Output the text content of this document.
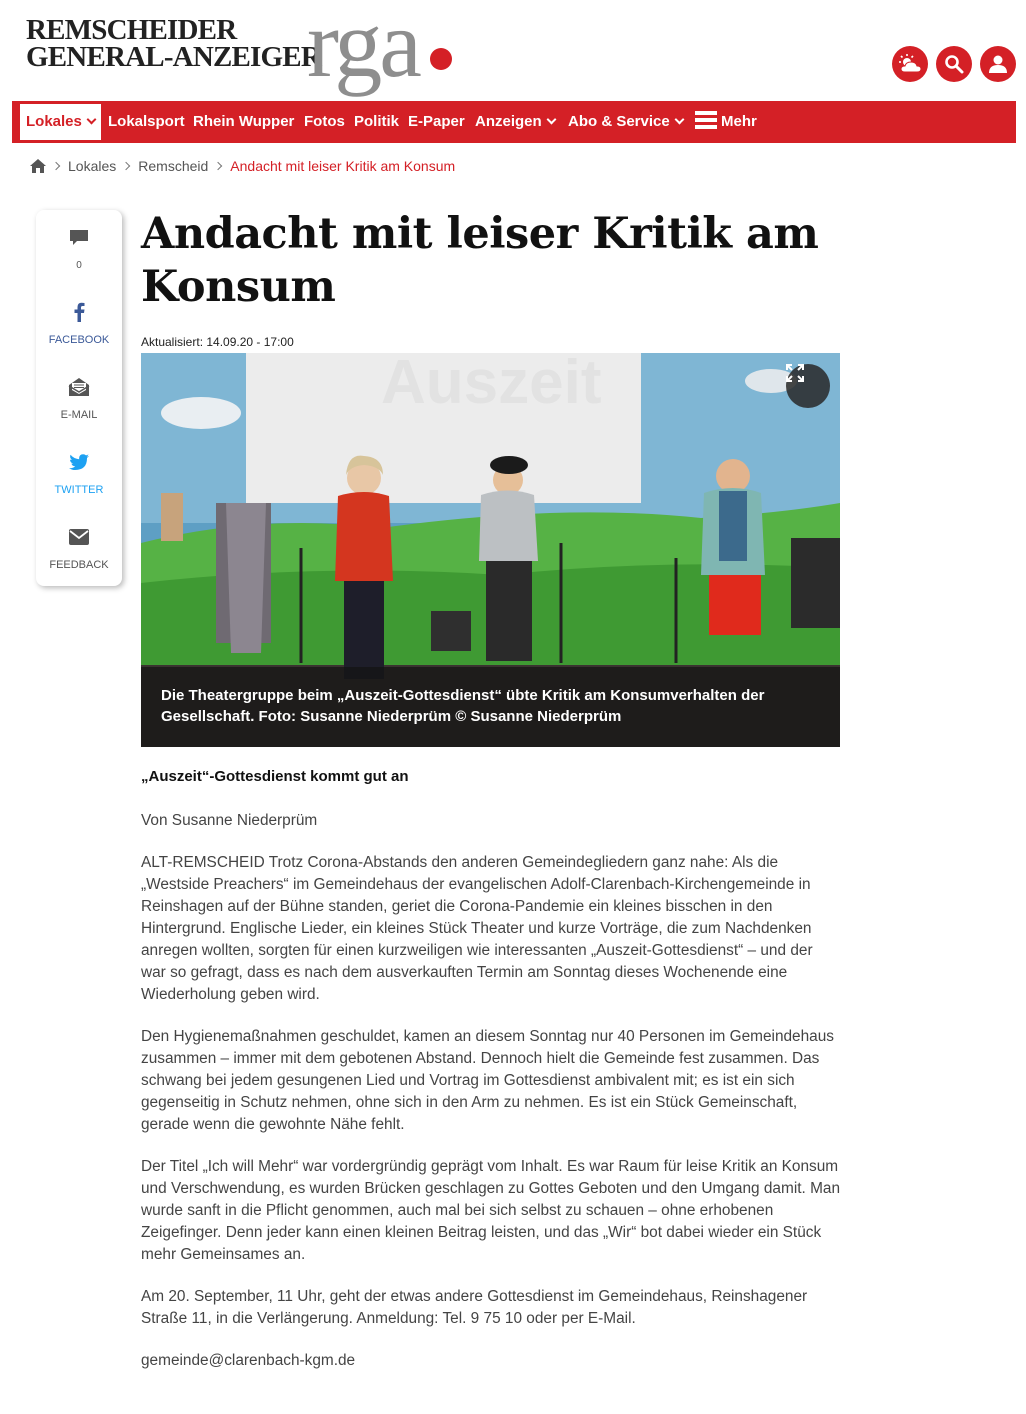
REMSCHEIDER
GENERAL-ANZEIGER
rga
Lokales	Lokalsport Rhein Wupper Fotos Politik E-Paper Anzeigen	Abo & Service	Mehr
Lokales Remscheid Andacht mit leiser Kritik am Konsum
0
FACEBOOK
E-MAIL
TWITTER
FEEDBACK
Andacht mit leiser Kritik am Konsum
Aktualisiert: 14.09.20 - 17:00
Auszeit
Die Theatergruppe beim „Auszeit-Gottesdienst“ übte Kritik am Konsumverhalten der Gesellschaft. Foto: Susanne Niederprüm © Susanne Niederprüm
„Auszeit“-Gottesdienst kommt gut an

Von Susanne Niederprüm

ALT-REMSCHEID Trotz Corona-Abstands den anderen Gemeindegliedern ganz nahe: Als die „Westside Preachers“ im Gemeindehaus der evangelischen Adolf-Clarenbach-Kirchengemeinde in Reinshagen auf der Bühne standen, geriet die Corona-Pandemie ein kleines bisschen in den Hintergrund. Englische Lieder, ein kleines Stück Theater und kurze Vorträge, die zum Nachdenken anregen wollten, sorgten für einen kurzweiligen wie interessanten „Auszeit-Gottesdienst“ – und der war so gefragt, dass es nach dem ausverkauften Termin am Sonntag dieses Wochenende eine Wiederholung geben wird.

Den Hygienemaßnahmen geschuldet, kamen an diesem Sonntag nur 40 Personen im Gemeindehaus zusammen – immer mit dem gebotenen Abstand. Dennoch hielt die Gemeinde fest zusammen. Das schwang bei jedem gesungenen Lied und Vortrag im Gottesdienst ambivalent mit; es ist ein sich gegenseitig in Schutz nehmen, ohne sich in den Arm zu nehmen. Es ist ein Stück Gemeinschaft, gerade wenn die gewohnte Nähe fehlt.

Der Titel „Ich will Mehr“ war vordergründig geprägt vom Inhalt. Es war Raum für leise Kritik an Konsum und Verschwendung, es wurden Brücken geschlagen zu Gottes Geboten und den Umgang damit. Man wurde sanft in die Pflicht genommen, auch mal bei sich selbst zu schauen – ohne erhobenen Zeigefinger. Denn jeder kann einen kleinen Beitrag leisten, und das „Wir“ bot dabei wieder ein Stück mehr Gemeinsames an.

Am 20. September, 11 Uhr, geht der etwas andere Gottesdienst im Gemeindehaus, Reinshagener Straße 11, in die Verlängerung. Anmeldung: Tel. 9 75 10 oder per E-Mail.

gemeinde@clarenbach-kgm.de
